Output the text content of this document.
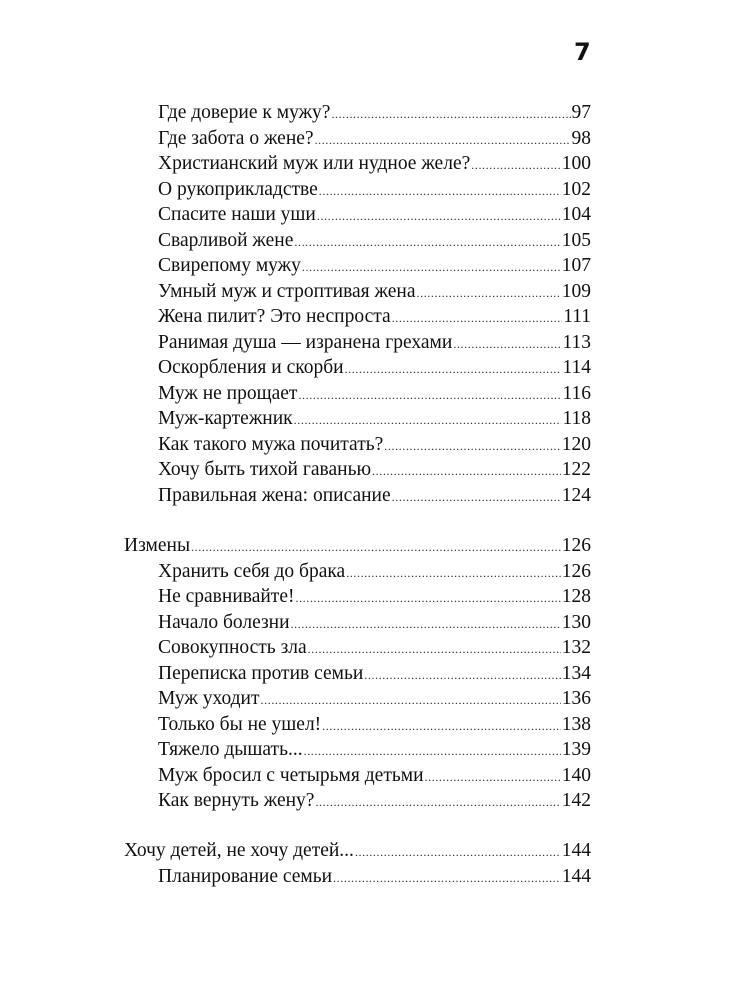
7
Где доверие к мужу? .....	97
Где забота о жене? .....	98
Христианский муж или нудное желе? .....	100
О рукоприкладстве .....	102
Спасите наши уши .....	104
Сварливой жене .....	105
Свирепому мужу .....	107
Умный муж и строптивая жена .....	109
Жена пилит? Это неспроста .....	111
Ранимая душа — изранена грехами .....	113
Оскорбления и скорби .....	114
Муж не прощает .....	116
Муж-картежник .....	118
Как такого мужа почитать? .....	120
Хочу быть тихой гаванью .....	122
Правильная жена: описание .....	124
Измены .....	126
Хранить себя до брака .....	126
Не сравнивайте! .....	128
Начало болезни .....	130
Совокупность зла .....	132
Переписка против семьи .....	134
Муж уходит .....	136
Только бы не ушел! .....	138
Тяжело дышать... .....	139
Муж бросил с четырьмя детьми .....	140
Как вернуть жену? .....	142
Хочу детей, не хочу детей... .....	144
Планирование семьи .....	144
